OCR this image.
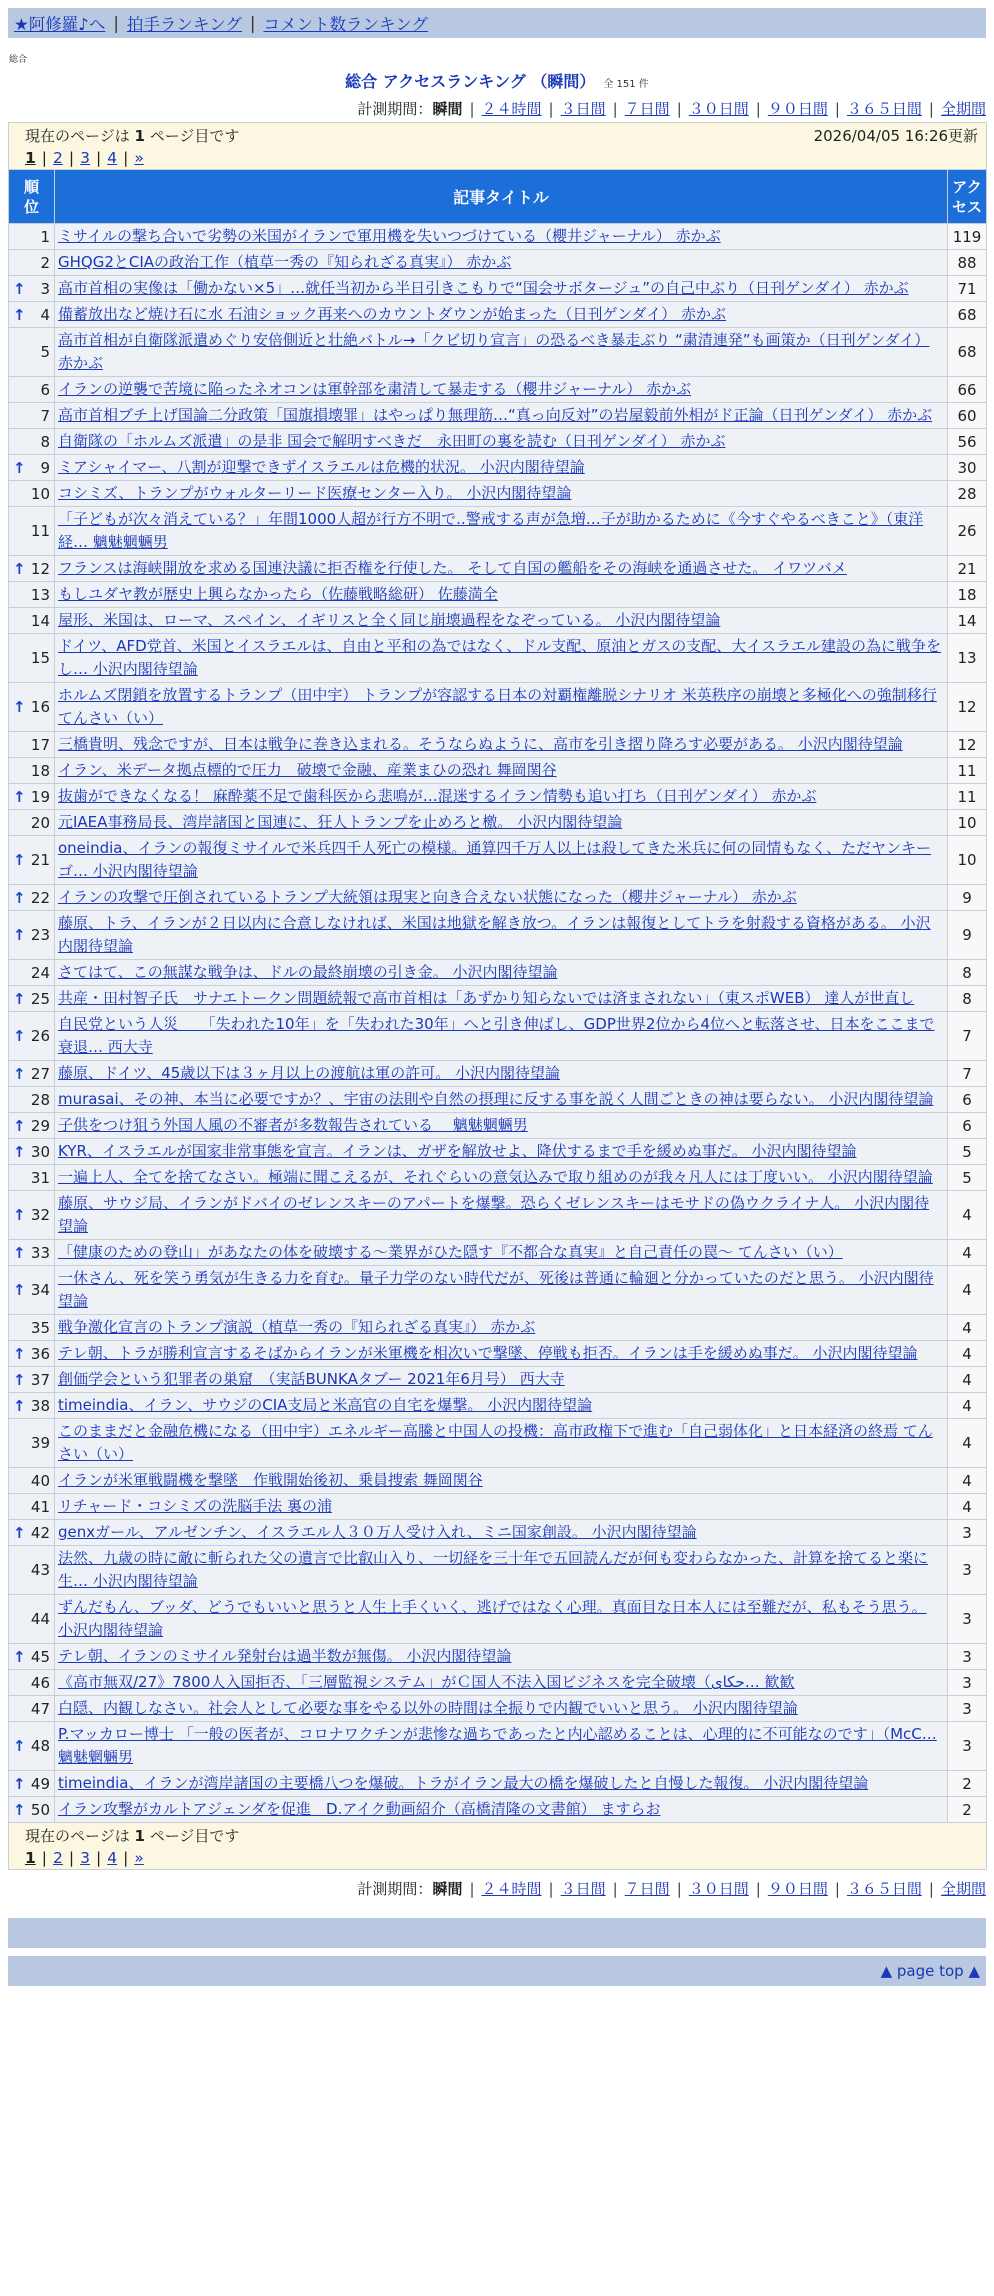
★阿修羅♪へ | 拍手ランキング | コメント数ランキング
総合
総合 アクセスランキング （瞬間） 全 151 件
計測期間：瞬間 | ２４時間 | ３日間 | ７日間 | ３０日間 | ９０日間 | ３６５日間 | 全期間
現在のページは 1 ページ目です 2026/04/05 16:26更新
1 | 2 | 3 | 4 | »		

順
位	記事タイトル	アク
セス
1	ミサイルの撃ち合いで劣勢の米国がイランで軍用機を失いつづけている（櫻井ジャーナル） 赤かぶ	119
2	GHQG2とCIAの政治工作（植草一秀の『知られざる真実』） 赤かぶ	88

↑ 3	高市首相の実像は「働かない×5」…就任当初から半日引きこもりで“国会サボタージュ”の自己中ぶり（日刊ゲンダイ） 赤かぶ	71

↑ 4	備蓄放出など焼け石に水 石油ショック再来へのカウントダウンが始まった（日刊ゲンダイ） 赤かぶ	68
5	高市首相が自衛隊派遣めぐり安倍側近と壮絶バトル→「クビ切り宣言」の恐るべき暴走ぶり “粛清連発”も画策か（日刊ゲンダイ） 赤かぶ	68
6	イランの逆襲で苦境に陥ったネオコンは軍幹部を粛清して暴走する（櫻井ジャーナル） 赤かぶ	66
7	高市首相ブチ上げ国論二分政策「国旗損壊罪」はやっぱり無理筋…“真っ向反対”の岩屋毅前外相がド正論（日刊ゲンダイ） 赤かぶ	60
8	自衛隊の「ホルムズ派遣」の是非 国会で解明すべきだ　永田町の裏を読む（日刊ゲンダイ） 赤かぶ	56

↑ 9	ミアシャイマー、八割が迎撃できずイスラエルは危機的状況。 小沢内閣待望論	30
10	コシミズ、トランプがウォルターリード医療センター入り。 小沢内閣待望論	28
11	「子どもが次々消えている？」年間1000人超が行方不明で..警戒する声が急増…子が助かるために《今すぐやるべきこと》（東洋経… 魑魅魍魎男	26

↑ 12	フランスは海峡開放を求める国連決議に拒否権を行使した。 そして自国の艦船をその海峡を通過させた。 イワツバメ	21
13	もしユダヤ教が歴史上興らなかったら（佐藤戦略総研） 佐藤満全	18
14	屋形、米国は、ローマ、スペイン、イギリスと全く同じ崩壊過程をなぞっている。 小沢内閣待望論	14
15	ドイツ、AFD党首、米国とイスラエルは、自由と平和の為ではなく、ドル支配、原油とガスの支配、大イスラエル建設の為に戦争をし… 小沢内閣待望論	13

↑ 16	ホルムズ閉鎖を放置するトランプ（田中宇） トランプが容認する日本の対覇権離脱シナリオ 米英秩序の崩壊と多極化への強制移行 てんさい（い）	12
17	三橋貴明、残念ですが、日本は戦争に巻き込まれる。そうならぬように、高市を引き摺り降ろす必要がある。 小沢内閣待望論	12
18	イラン、米データ拠点標的で圧力　破壊で金融、産業まひの恐れ 舞岡関谷	11

↑ 19	抜歯ができなくなる！ 麻酔薬不足で歯科医から悲鳴が…混迷するイラン情勢も追い打ち（日刊ゲンダイ） 赤かぶ	11
20	元IAEA事務局長、湾岸諸国と国連に、狂人トランプを止めろと檄。 小沢内閣待望論	10

↑ 21	oneindia、イランの報復ミサイルで米兵四千人死亡の模様。通算四千万人以上は殺してきた米兵に何の同情もなく、ただヤンキーゴ… 小沢内閣待望論	10

↑ 22	イランの攻撃で圧倒されているトランプ大統領は現実と向き合えない状態になった（櫻井ジャーナル） 赤かぶ	9

↑ 23	藤原、トラ、イランが２日以内に合意しなければ、米国は地獄を解き放つ。イランは報復としてトラを射殺する資格がある。 小沢内閣待望論	9
24	さてはて、この無謀な戦争は、ドルの最終崩壊の引き金。 小沢内閣待望論	8

↑ 25	共産・田村智子氏　サナエトークン問題続報で高市首相は「あずかり知らないでは済まされない」（東スポWEB） 達人が世直し	8

↑ 26	自民党という人災　　「失われた10年」を「失われた30年」へと引き伸ばし、GDP世界2位から4位へと転落させ、日本をここまで衰退… 西大寺	7

↑ 27	藤原、ドイツ、45歳以下は３ヶ月以上の渡航は軍の許可。 小沢内閣待望論	7
28	murasai、その神、本当に必要ですか？、宇宙の法則や自然の摂理に反する事を説く人間ごときの神は要らない。 小沢内閣待望論	6

↑ 29	子供をつけ狙う外国人風の不審者が多数報告されている　 魑魅魍魎男	6

↑ 30	KYR、イスラエルが国家非常事態を宣言。イランは、ガザを解放せよ、降伏するまで手を緩めぬ事だ。 小沢内閣待望論	5
31	一遍上人、全てを捨てなさい。極端に聞こえるが、それぐらいの意気込みで取り組めのが我々凡人には丁度いい。 小沢内閣待望論	5

↑ 32	藤原、サウジ局、イランがドバイのゼレンスキーのアパートを爆撃。恐らくゼレンスキーはモサドの偽ウクライナ人。 小沢内閣待望論	4

↑ 33	「健康のための登山」があなたの体を破壊する〜業界がひた隠す『不都合な真実』と自己責任の罠〜 てんさい（い）	4

↑ 34	一休さん、死を笑う勇気が生きる力を育む。量子力学のない時代だが、死後は普通に輪廻と分かっていたのだと思う。 小沢内閣待望論	4
35	戦争激化宣言のトランプ演説（植草一秀の『知られざる真実』） 赤かぶ	4

↑ 36	テレ朝、トラが勝利宣言するそばからイランが米軍機を相次いで撃墜、停戦も拒否。イランは手を緩めぬ事だ。 小沢内閣待望論	4

↑ 37	創価学会という犯罪者の巣窟　（実話BUNKAタブー 2021年6月号） 西大寺	4

↑ 38	timeindia、イラン、サウジのCIA支局と米高官の自宅を爆撃。 小沢内閣待望論	4
39	このままだと金融危機になる（田中宇）エネルギー高騰と中国人の投機：高市政権下で進む「自己弱体化」と日本経済の終焉 てんさい（い）	4
40	イランが米軍戦闘機を撃墜　作戦開始後初、乗員捜索 舞岡関谷	4
41	リチャード・コシミズの洗脳手法 裏の浦	4

↑ 42	genxガール、アルゼンチン、イスラエル人３０万人受け入れ、ミニ国家創設。 小沢内閣待望論	3
43	法然、九歳の時に敵に斬られた父の遺言で比叡山入り、一切経を三十年で五回読んだが何も変わらなかった、計算を捨てると楽に生… 小沢内閣待望論	3
44	ずんだもん、ブッダ、どうでもいいと思うと人生上手くいく、逃げではなく心理。真面目な日本人には至難だが、私もそう思う。 小沢内閣待望論	3

↑ 45	テレ朝、イランのミサイル発射台は過半数が無傷。 小沢内閣待望論	3
46	《高市無双/27》7800人入国拒否、「三層監視システム」がＣ国人不法入国ビジネスを完全破壊（حکای… 歓歓	3
47	白隠、内観しなさい。社会人として必要な事をやる以外の時間は全振りで内観でいいと思う。 小沢内閣待望論	3

↑ 48	P.マッカロー博士 「一般の医者が、コロナワクチンが悲惨な過ちであったと内心認めることは、心理的に不可能なのです」（McC… 魑魅魍魎男	3

↑ 49	timeindia、イランが湾岸諸国の主要橋八つを爆破。トラがイラン最大の橋を爆破したと自慢した報復。 小沢内閣待望論	2

↑ 50	イラン攻撃がカルトアジェンダを促進　D.アイク動画紹介（高橋清隆の文書館） ますらお	2

現在のページは 1 ページ目です
1 | 2 | 3 | 4 | »		
計測期間：瞬間 | ２４時間 | ３日間 | ７日間 | ３０日間 | ９０日間 | ３６５日間 | 全期間
▲ page top ▲
